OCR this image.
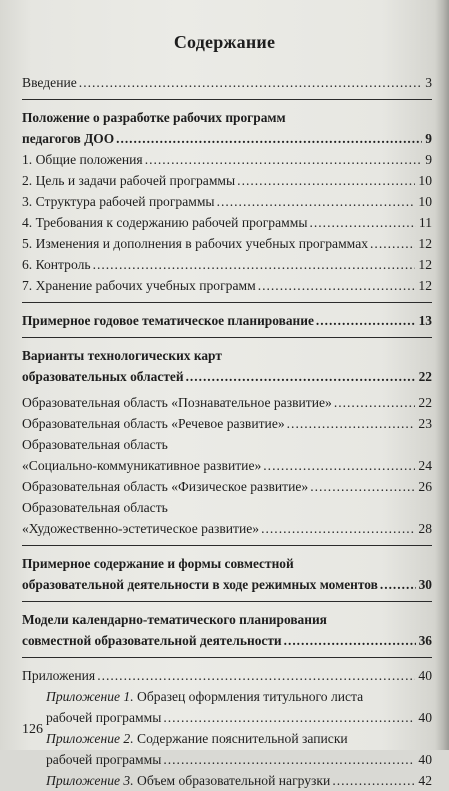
Содержание
Введение .....	3
Положение о разработке рабочих программ
педагогов ДОО .....	9
1. Общие положения .....	9
2. Цель и задачи рабочей программы .....	10
3. Структура рабочей программы .....	10
4. Требования к содержанию рабочей программы .....	11
5. Изменения и дополнения в рабочих учебных программах .....	12
6. Контроль .....	12
7. Хранение рабочих учебных программ .....	12
Примерное годовое тематическое планирование .....	13
Варианты технологических карт
образовательных областей .....	22
Образовательная область «Познавательное развитие» .....	22
Образовательная область «Речевое развитие» .....	23
Образовательная область
«Социально-коммуникативное развитие» .....	24
Образовательная область «Физическое развитие» .....	26
Образовательная область
«Художественно-эстетическое развитие» .....	28
Примерное содержание и формы совместной
образовательной деятельности в ходе режимных моментов .....	30
Модели календарно-тематического планирования
совместной образовательной деятельности .....	36
Приложения .....	40
Приложение 1. Образец оформления титульного листа
рабочей программы .....	40
Приложение 2. Содержание пояснительной записки
рабочей программы .....	40
Приложение 3. Объем образовательной нагрузки .....	42
126
